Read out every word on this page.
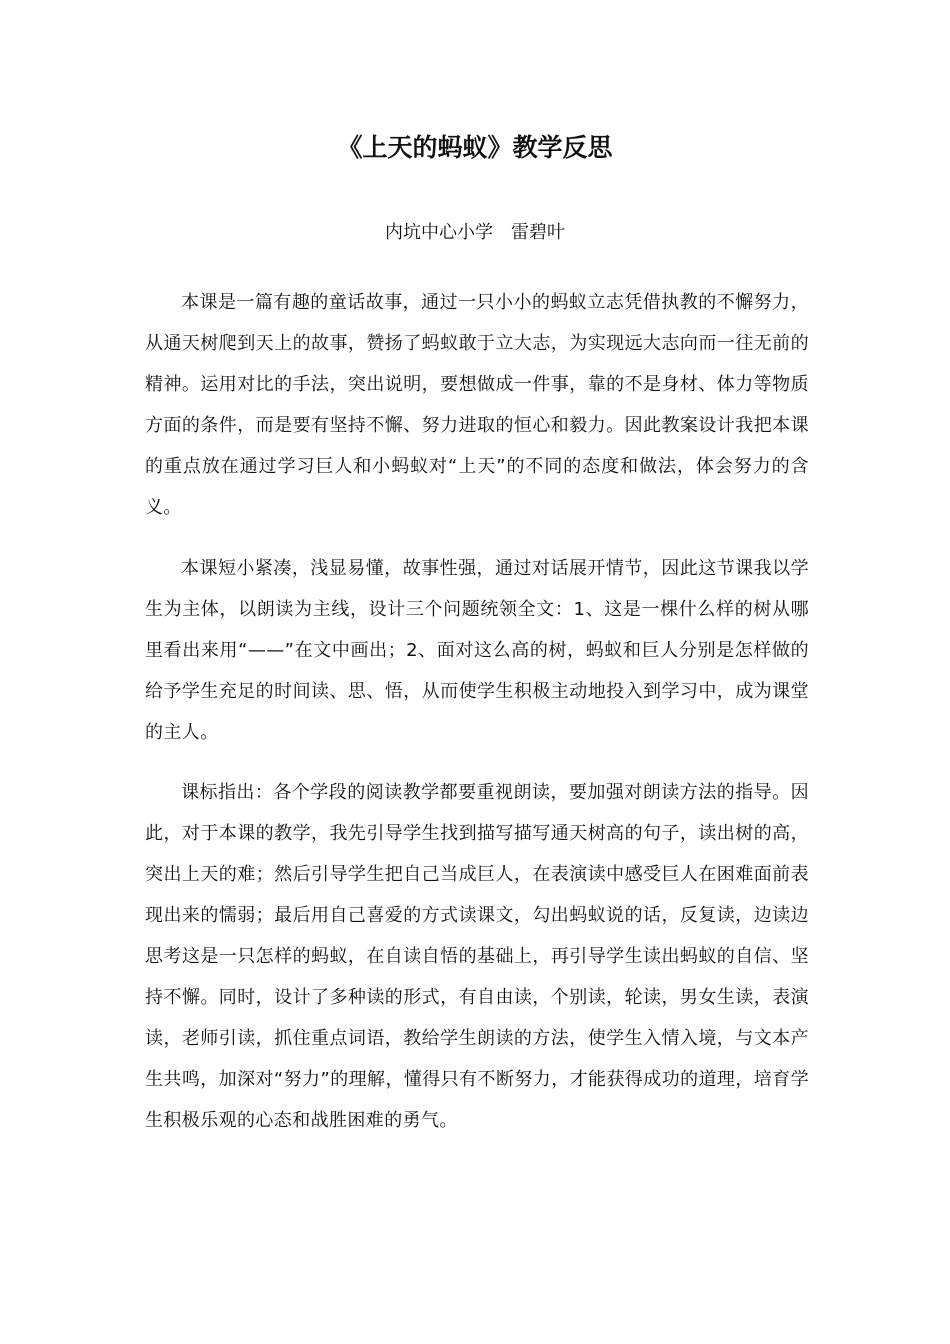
《上天的蚂蚁》教学反思
内坑中心小学 雷碧叶

本课是一篇有趣的童话故事，通过一只小小的蚂蚁立志凭借执教的不懈努力，从通天树爬到天上的故事，赞扬了蚂蚁敢于立大志，为实现远大志向而一往无前的精神。运用对比的手法，突出说明，要想做成一件事，靠的不是身材、体力等物质方面的条件，而是要有坚持不懈、努力进取的恒心和毅力。因此教案设计我把本课的重点放在通过学习巨人和小蚂蚁对“上天”的不同的态度和做法，体会努力的含义。

本课短小紧凑，浅显易懂，故事性强，通过对话展开情节，因此这节课我以学生为主体，以朗读为主线，设计三个问题统领全文：1、这是一棵什么样的树从哪里看出来用“——”在文中画出；2、面对这么高的树，蚂蚁和巨人分别是怎样做的给予学生充足的时间读、思、悟，从而使学生积极主动地投入到学习中，成为课堂的主人。

课标指出：各个学段的阅读教学都要重视朗读，要加强对朗读方法的指导。因此，对于本课的教学，我先引导学生找到描写描写通天树高的句子，读出树的高，突出上天的难；然后引导学生把自己当成巨人，在表演读中感受巨人在困难面前表现出来的懦弱；最后用自己喜爱的方式读课文，勾出蚂蚁说的话，反复读，边读边思考这是一只怎样的蚂蚁，在自读自悟的基础上，再引导学生读出蚂蚁的自信、坚持不懈。同时，设计了多种读的形式，有自由读，个别读，轮读，男女生读，表演读，老师引读，抓住重点词语，教给学生朗读的方法，使学生入情入境，与文本产生共鸣，加深对“努力”的理解，懂得只有不断努力，才能获得成功的道理，培育学生积极乐观的心态和战胜困难的勇气。
